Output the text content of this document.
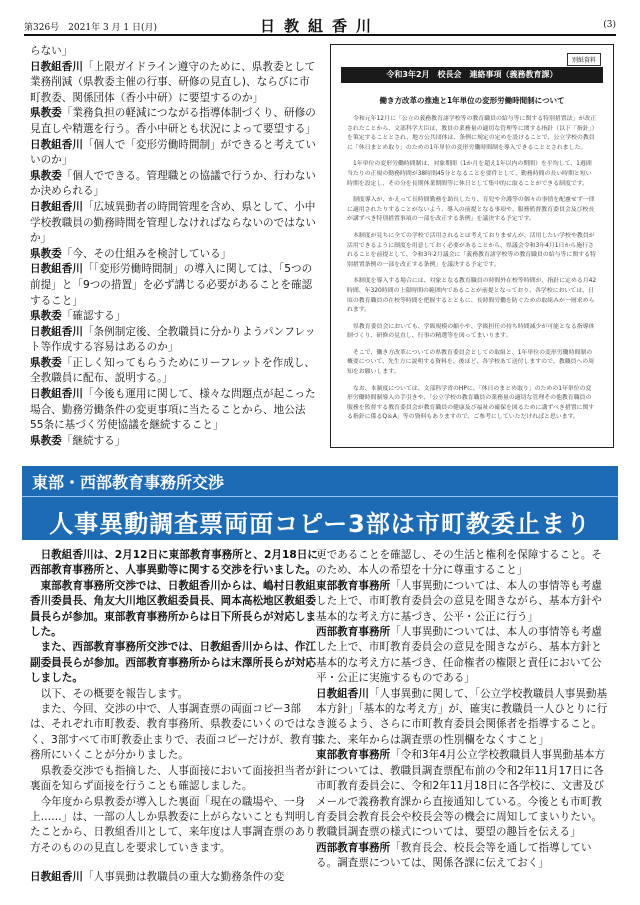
第326号　2021年 3 月 1 日(月)	日教組香川	(3)

らない」

日教組香川「上限ガイドライン遵守のために、県教委として業務削減（県教委主催の行事、研修の見直し)、ならびに市町教委、関係団体（香小中研）に要望するのか」

県教委「業務負担の軽減につながる指導体制づくり、研修の見直しや精選を行う。香小中研とも状況によって要望する」

日教組香川「個人で「変形労働時間制」ができると考えていいのか」

県教委「個人でできる。管理職との協議で行うか、行わないか決められる」

日教組香川「広域異動者の時間管理を含め、県として、小中学校教職員の勤務時間を管理しなければならないのではないか」

県教委「今、その仕組みを検討している」

日教組香川「「変形労働時間制」の導入に関しては、「5つの前提」と「9つの措置」を必ず講じる必要があることを確認すること」

県教委「確認する」

日教組香川「条例制定後、全教職員に分かりようパンフレット等作成する容易はあるのか」

県教委「正しく知ってもらうためにリーフレットを作成し、全教職員に配布、説明する。」

日教組香川「今後も運用に関して、様々な問題点が起こった場合、勤務労働条件の変更事項に当たることから、地公法55条に基づく労使協議を継続すること」

県教委「継続する」

別紙資料
令和3年2月　校長会　連絡事項（義務教育課）
働き方改革の推進と1年単位の変形労働時間制について

令和元年12月に「公立の義務教育諸学校等の教育職員の給与等に関する特別措置法」が改正されたことから、文部科学大臣は、教員の業務量の適切な管理等に関する指針（以下「指針」）を策定することとされ、地方公共団体は、条例に規定の定めを設けることで、公立学校の教員に「休日まとめ取り」のための1年単位の変形労働時間制を導入できることとされました。

1年単位の変形労働時間制は、対象期間（1か月を超え1年以内の期間）を平均して、1週間当たりの正規の勤務時間が38時間45分となることを要件として、勤務時間の長い時期と短い時期を設定し、その分を長期休業期間等に休日として集中的に取ることができる制度です。

制度導入が、かえって長時間勤務を助長したり、育児や介護等の個々の事情を配慮せず一律に適用されたりすることがないよう、導入の前提となる事項や、服務監督教育委員会及び校長が講ずべき特別措置事項の一部を改正する条例」を議決する予定です。

本制度が見ちに全ての学校で活用されるとは考えておりませんが、活用したい学校や教員が活用できるように制度を用意しておく必要があることから、県議会令和3年4月1日から施行されることを前提として、令和3年2月議会に「義務教育諸学校等の教育職員の給与等に関する特別措置条例の一部を改正する条例」を議決する予定です。

本制度を導入する場合には、対象となる教育職員の時間外在校等時間が、指針に定める月42時間、年320時間の上限時間の範囲内であることが前提となっており、各学校においては、日頃の教育職員の在校等時間を把握するとともに、長時間労働を防ぐための取組みが一層求められます。

県教育委員会においても、学級規模の縮小や、学級担任の持ち時間減少が可能となる指導体制づくり、研修の見直し、行事の精選等を図ってまいります。

そこで、働き方改革についての県教育委員会としての取組と、1年単位の変形労働時間制の概要について、先生方に説明する資料を、後ほど、各学校あて送付しますので、教職員への周知をお願いします。

なお、本制度については、文部科学省のHPに、「休日のまとめ取り」のための1年単位の変形労働時間制導入の手引きや、「公立学校の教育職員の業務量の適切な管理その他教育職員の服務を監督する教育委員会が教育職員の健康及び福祉の確保を図るために講ずべき措置に関する指針に係るQ＆A」等の資料もありますので、ご参考にしていただければと思います。

東部・西部教育事務所交渉
人事異動調査票両面コピー3部は市町教委止まり

日教組香川は、2月12日に東部教育事務所と、2月18日に西部教育事務所と、人事異動等に関する交渉を行いました。

東部教育事務所交渉では、日教組香川からは、嶋村日教組香川委員長、角友大川地区教組委員長、岡本高松地区教組委員長らが参加。東部教育事務所からは日下所長らが対応しました。

また、西部教育事務所交渉では、日教組香川からは、作江副委員長らが参加。西部教育事務所からは末澤所長らが対応しました。

以下、その概要を報告します。

また、今回、交渉の中で、人事調査票の両面コピー3部は、それぞれ市町教委、教育事務所、県教委にいくのではなく、3部すべて市町教委止まりで、表面コピーだけが、教育事務所にいくことが分かりました。

県教委交渉でも指摘した、人事面接において面接担当者が裏面を知らず面接を行うことも確認しました。

今年度から県教委が導入した裏面「現在の職場や、一身上……」は、一部の人しか県教委に上がらないことも判明したことから、日教組香川として、来年度は人事調査票のあり方そのものの見直しを要求していきます。

日教組香川「人事異動は教職員の重大な勤務条件の変

更であることを確認し、その生活と権利を保障すること。そのため、本人の希望を十分に尊重すること」

東部教育事務所「人事異動については、本人の事情等も考慮した上で、市町教育委員会の意見を聞きながら、基本方針や基本的な考え方に基づき、公平・公正に行う」

西部教育事務所「人事異動については、本人の事情等も考慮した上で、市町教育委員会の意見を聞きながら、基本方針と基本的な考え方に基づき、任命権者の権限と責任において公平・公正に実施するものである」

日教組香川「人事異動に関して、「公立学校教職員人事異動基本方針」「基本的な考え方」が、確実に教職員一人ひとりに行き渡るよう、さらに市町教育委員会関係者を指導すること。また、来年からは調査票の性別欄をなくすこと」

東部教育事務所「令和3年4月公立学校教職員人事異動基本方針については、教職員調査票配布前の令和2年11月17日に各市町教育委員会に、令和2年11月18日に各学校に、文書及びメールで義務教育課から直接通知している。今後とも市町教育委員会教育長会や校長会等の機会に周知してまいりたい。教職員調査票の様式については、要望の趣旨を伝える」

西部教育事務所「教育長会、校長会等を通して指導している。調査票については、関係各課に伝えておく」
